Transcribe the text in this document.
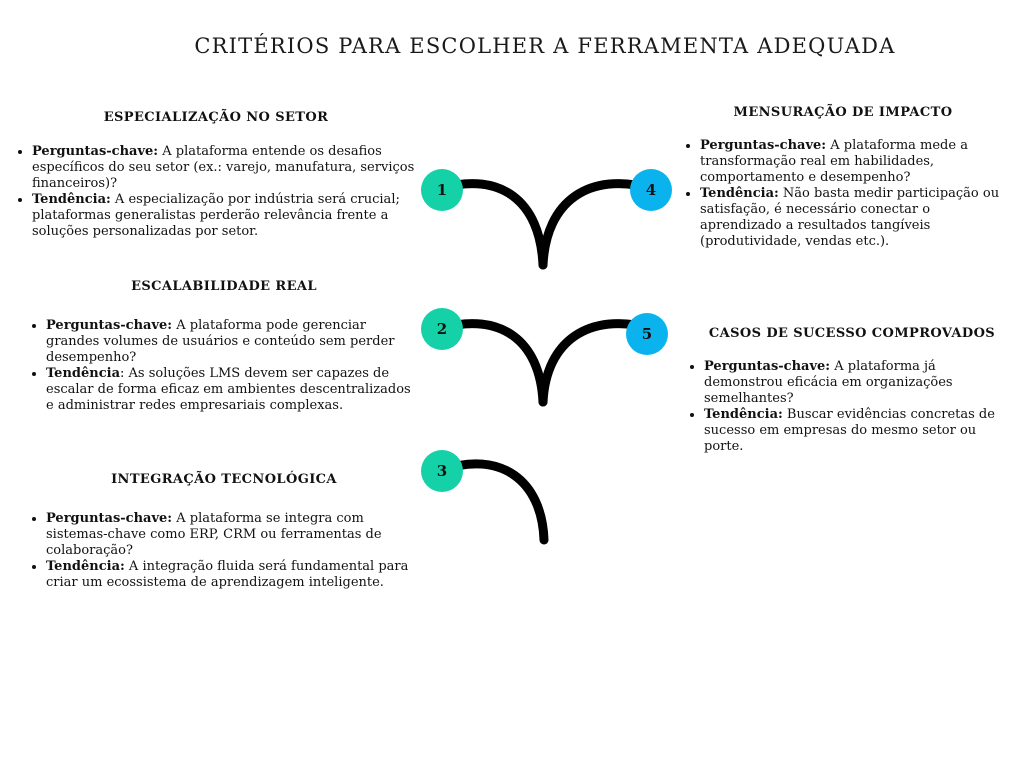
CRITÉRIOS PARA ESCOLHER A FERRAMENTA ADEQUADA
1	4
2	5
3
ESPECIALIZAÇÃO NO SETOR
• Perguntas-chave: A plataforma entende os desafios específicos do seu setor (ex.: varejo, manufatura, serviços financeiros)?
• Tendência: A especialização por indústria será crucial; plataformas generalistas perderão relevância frente a soluções personalizadas por setor.
ESCALABILIDADE REAL
• Perguntas-chave: A plataforma pode gerenciar grandes volumes de usuários e conteúdo sem perder desempenho?
• Tendência: As soluções LMS devem ser capazes de escalar de forma eficaz em ambientes descentralizados e administrar redes empresariais complexas.
INTEGRAÇÃO TECNOLÓGICA
• Perguntas-chave: A plataforma se integra com sistemas-chave como ERP, CRM ou ferramentas de colaboração?
• Tendência: A integração fluida será fundamental para criar um ecossistema de aprendizagem inteligente.
MENSURAÇÃO DE IMPACTO
• Perguntas-chave: A plataforma mede a transformação real em habilidades, comportamento e desempenho?
• Tendência: Não basta medir participação ou satisfação, é necessário conectar o aprendizado a resultados tangíveis (produtividade, vendas etc.).
CASOS DE SUCESSO COMPROVADOS
• Perguntas-chave: A plataforma já demonstrou eficácia em organizações semelhantes?
• Tendência: Buscar evidências concretas de sucesso em empresas do mesmo setor ou porte.
